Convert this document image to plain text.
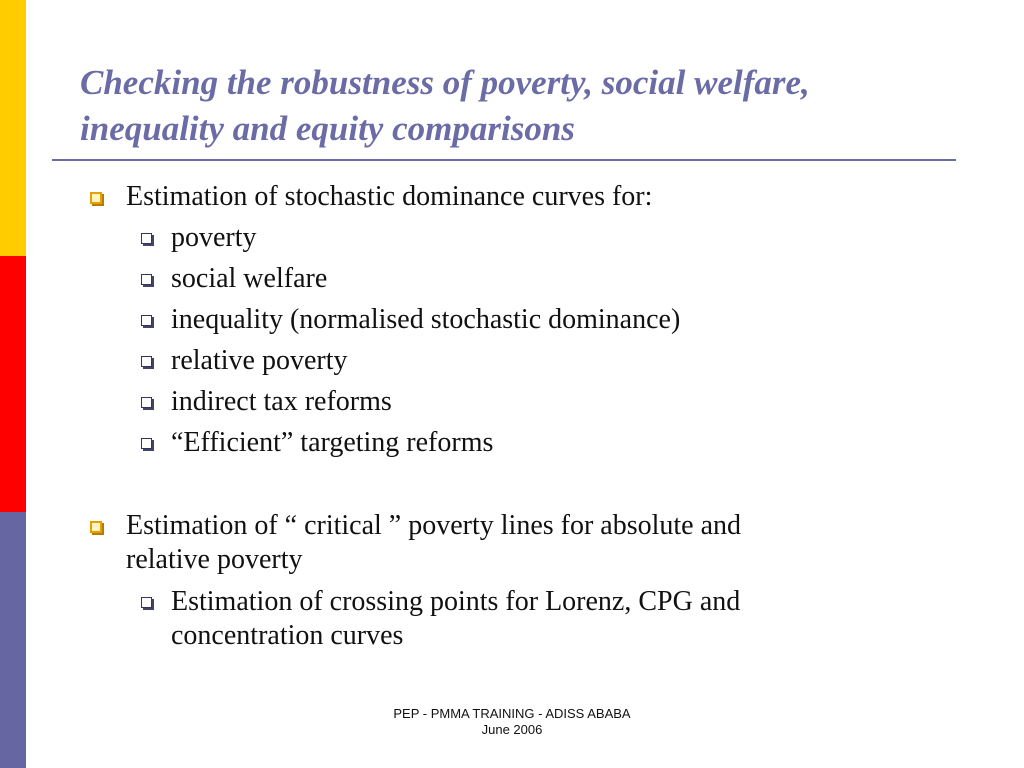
Checking the robustness of poverty, social welfare, inequality and equity comparisons
Estimation of stochastic dominance curves for:
poverty
social welfare
inequality (normalised stochastic dominance)
relative poverty
indirect tax reforms
“Efficient” targeting reforms
Estimation of “ critical ” poverty lines for absolute and
relative poverty
Estimation of crossing points for Lorenz, CPG and
concentration curves
PEP - PMMA TRAINING - ADISS ABABA
June 2006
